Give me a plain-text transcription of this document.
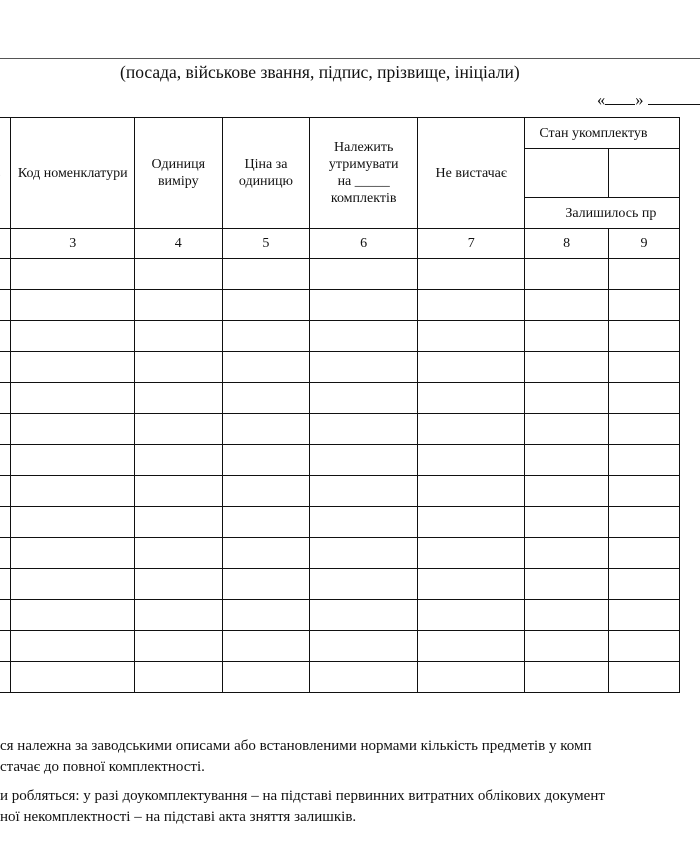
(посада, військове звання, підпис, прізвище, ініціали)
« »
	Код номенклатури	Одиниця виміру	Ціна за одиницю	Належить
утримувати
на _____
комплектів	Не вистачає	Стан укомплектув	

						Залишилось пр	
	3	4	5	6	7	8	9

ся належна за заводськими описами або встановленими нормами кількість предметів у комп
стачає до повної комплектності.
и робляться: у разі доукомплектування – на підставі первинних витратних облікових документ
ної некомплектності – на підставі акта зняття залишків.
